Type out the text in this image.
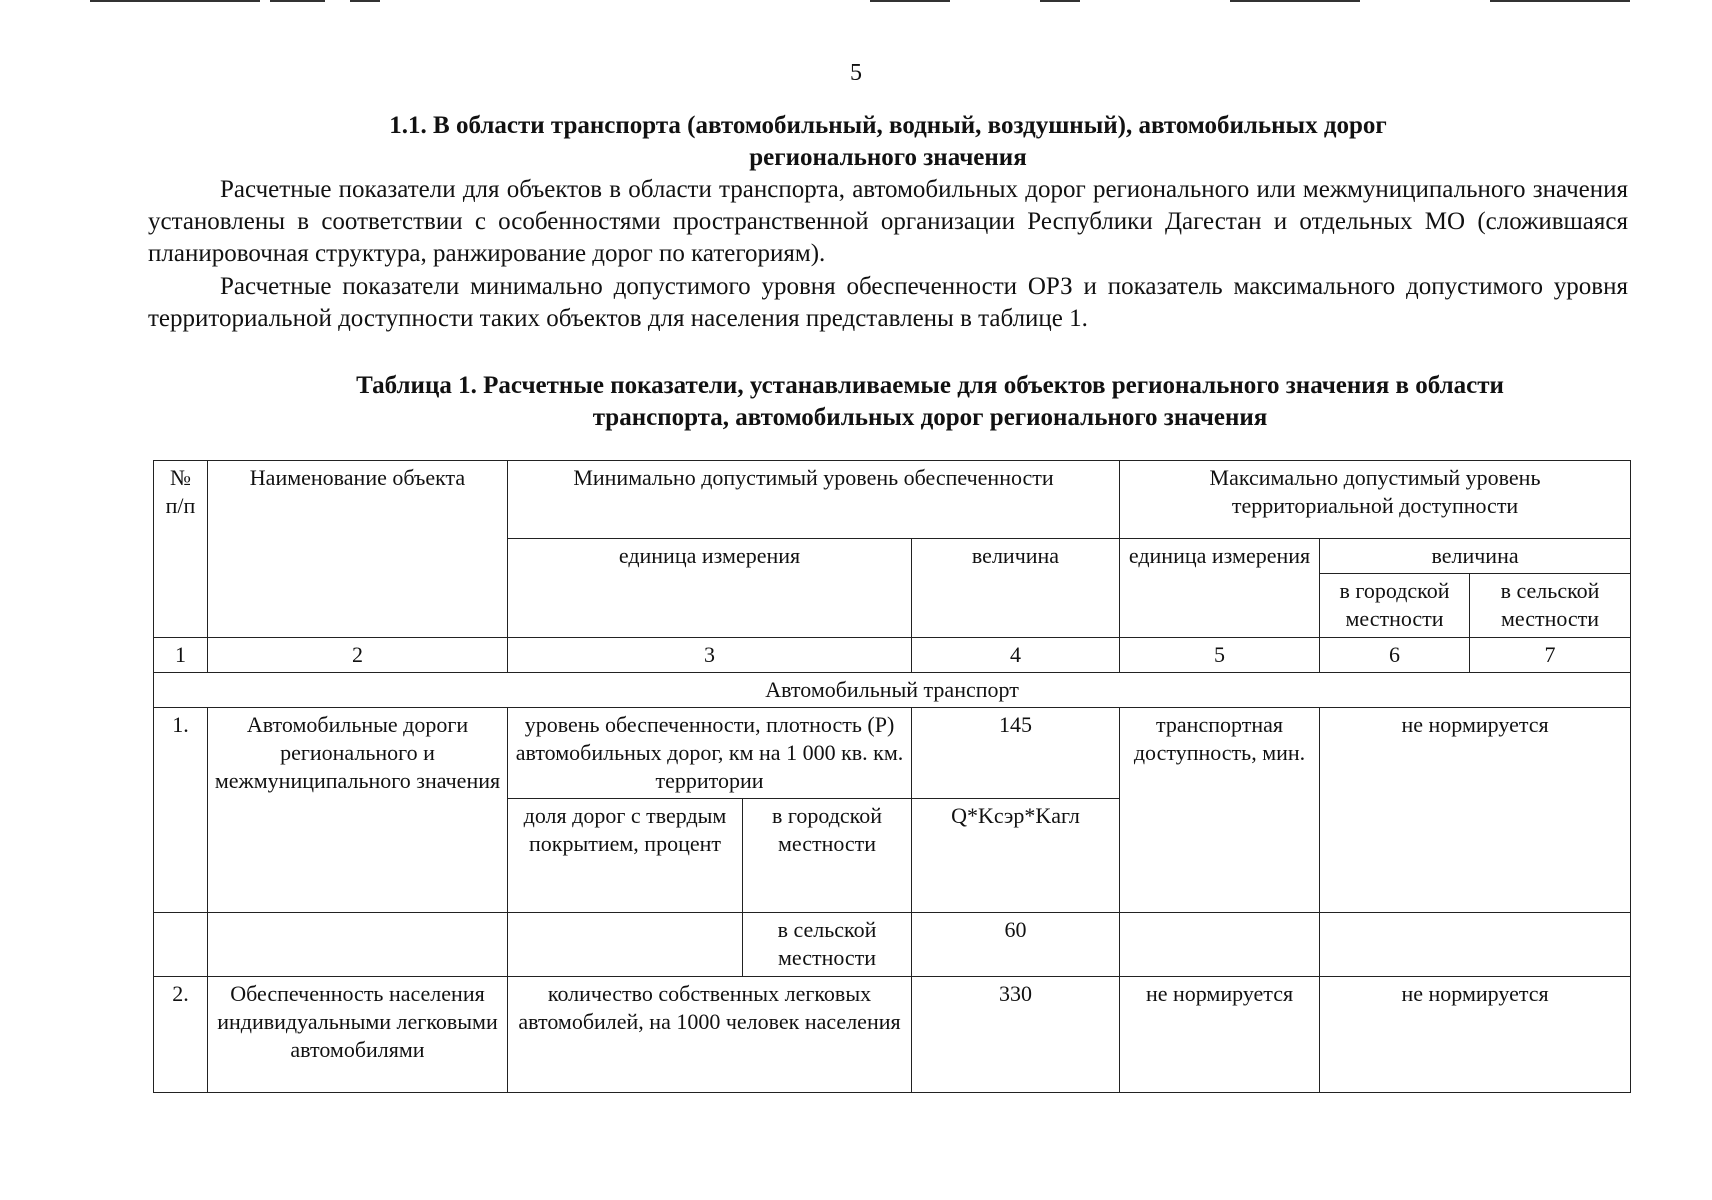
5
1.1. В области транспорта (автомобильный, водный, воздушный), автомобильных дорог
регионального значения

Расчетные показатели для объектов в области транспорта, автомобильных дорог регионального или межмуниципального значения установлены в соответствии с особенностями пространственной организации Республики Дагестан и отдельных МО (сложившаяся планировочная структура, ранжирование дорог по категориям).

Расчетные показатели минимально допустимого уровня обеспеченности ОРЗ и показатель максимального допустимого уровня территориальной доступности таких объектов для населения представлены в таблице 1.

Таблица 1. Расчетные показатели, устанавливаемые для объектов регионального значения в области
транспорта, автомобильных дорог регионального значения
№ п/п	Наименование объекта	Минимально допустимый уровень обеспеченности			Максимально допустимый уровень территориальной доступности		
		единица измерения		величина	единица измерения	величина	
						в городской местности	в сельской местности
1	2	3		4	5	6	7
Автомобильный транспорт							
1.	Автомобильные дороги регионального и межмуниципального значения	уровень обеспеченности, плотность (Р) автомобильных дорог, км на 1 000 кв. км. территории		145	транспортная доступность, мин.	не нормируется	
		доля дорог с твердым покрытием, процент	в городской местности	Q*Kсэр*Kагл			
			в сельской местности	60			
2.	Обеспеченность населения индивидуальными легковыми автомобилями	количество собственных легковых автомобилей, на 1000 человек населения		330	не нормируется	не нормируется	
